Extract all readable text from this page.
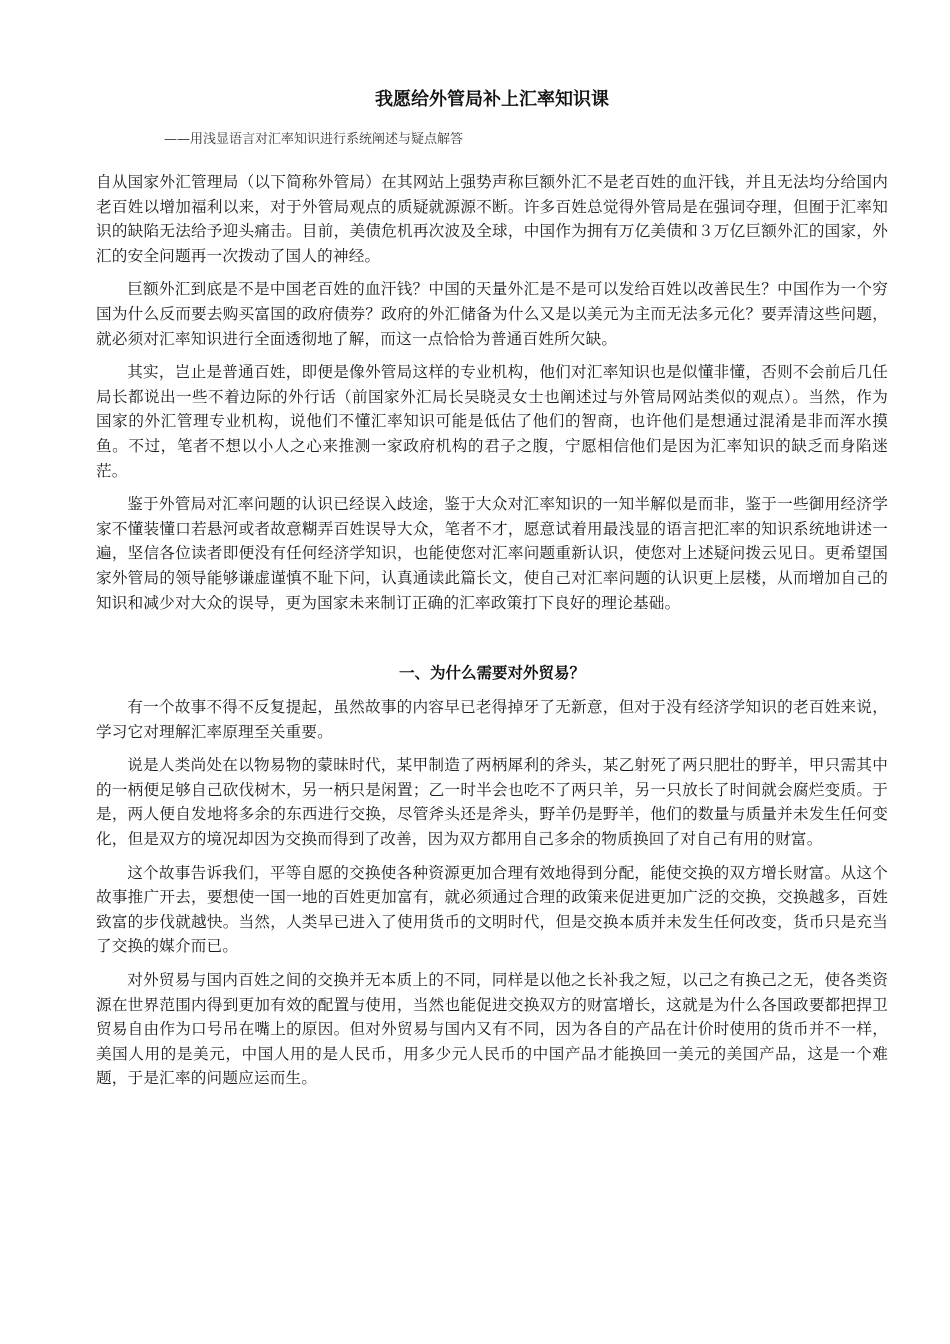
我愿给外管局补上汇率知识课

——用浅显语言对汇率知识进行系统阐述与疑点解答

自从国家外汇管理局（以下简称外管局）在其网站上强势声称巨额外汇不是老百姓的血汗钱，并且无法均分给国内老百姓以增加福利以来，对于外管局观点的质疑就源源不断。许多百姓总觉得外管局是在强词夺理，但囿于汇率知识的缺陷无法给予迎头痛击。目前，美债危机再次波及全球，中国作为拥有万亿美债和３万亿巨额外汇的国家，外汇的安全问题再一次拨动了国人的神经。

巨额外汇到底是不是中国老百姓的血汗钱？中国的天量外汇是不是可以发给百姓以改善民生？中国作为一个穷国为什么反而要去购买富国的政府债券？政府的外汇储备为什么又是以美元为主而无法多元化？要弄清这些问题，就必须对汇率知识进行全面透彻地了解，而这一点恰恰为普通百姓所欠缺。

其实，岂止是普通百姓，即便是像外管局这样的专业机构，他们对汇率知识也是似懂非懂，否则不会前后几任局长都说出一些不着边际的外行话（前国家外汇局长吴晓灵女士也阐述过与外管局网站类似的观点）。当然，作为国家的外汇管理专业机构，说他们不懂汇率知识可能是低估了他们的智商，也许他们是想通过混淆是非而浑水摸鱼。不过，笔者不想以小人之心来推测一家政府机构的君子之腹，宁愿相信他们是因为汇率知识的缺乏而身陷迷茫。

鉴于外管局对汇率问题的认识已经误入歧途，鉴于大众对汇率知识的一知半解似是而非，鉴于一些御用经济学家不懂装懂口若悬河或者故意糊弄百姓误导大众，笔者不才，愿意试着用最浅显的语言把汇率的知识系统地讲述一遍，坚信各位读者即便没有任何经济学知识，也能使您对汇率问题重新认识，使您对上述疑问拨云见日。更希望国家外管局的领导能够谦虚谨慎不耻下问，认真通读此篇长文，使自己对汇率问题的认识更上层楼，从而增加自己的知识和减少对大众的误导，更为国家未来制订正确的汇率政策打下良好的理论基础。

一、为什么需要对外贸易？

有一个故事不得不反复提起，虽然故事的内容早已老得掉牙了无新意，但对于没有经济学知识的老百姓来说，学习它对理解汇率原理至关重要。

说是人类尚处在以物易物的蒙昧时代，某甲制造了两柄犀利的斧头，某乙射死了两只肥壮的野羊，甲只需其中的一柄便足够自己砍伐树木，另一柄只是闲置；乙一时半会也吃不了两只羊，另一只放长了时间就会腐烂变质。于是，两人便自发地将多余的东西进行交换，尽管斧头还是斧头，野羊仍是野羊，他们的数量与质量并未发生任何变化，但是双方的境况却因为交换而得到了改善，因为双方都用自己多余的物质换回了对自己有用的财富。

这个故事告诉我们，平等自愿的交换使各种资源更加合理有效地得到分配，能使交换的双方增长财富。从这个故事推广开去，要想使一国一地的百姓更加富有，就必须通过合理的政策来促进更加广泛的交换，交换越多，百姓致富的步伐就越快。当然，人类早已进入了使用货币的文明时代，但是交换本质并未发生任何改变，货币只是充当了交换的媒介而已。

对外贸易与国内百姓之间的交换并无本质上的不同，同样是以他之长补我之短，以己之有换己之无，使各类资源在世界范围内得到更加有效的配置与使用，当然也能促进交换双方的财富增长，这就是为什么各国政要都把捍卫贸易自由作为口号吊在嘴上的原因。但对外贸易与国内又有不同，因为各自的产品在计价时使用的货币并不一样，美国人用的是美元，中国人用的是人民币，用多少元人民币的中国产品才能换回一美元的美国产品，这是一个难题，于是汇率的问题应运而生。
